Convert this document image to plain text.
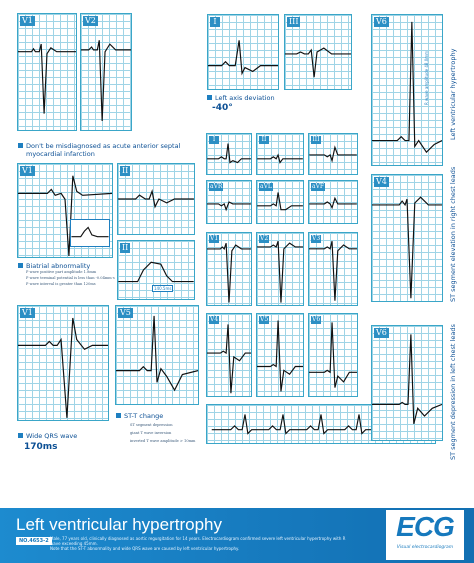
V1	V2
Don't be misdiagnosed as acute anterior septal
myocardial infarction
I	III
Left axis deviation
-40°
V6
R wave amplitude 48.0mm	Left ventricular hypertrophy
V1	II
II
140.5ms
Biatrial abnormality
P wave positive part amplitude 1.8mm
P wave terminal potential is less than -0.04mm·s
P wave interval is greater than 120ms
V4	ST segment elevation in right chest leads
I	II	III
aVR	aVL	aVF
V1	V2	V3
V4	V5	V6
V1	V5
Wide QRS wave
170ms
ST-T change
ST segment depression
giant T wave inversion
inverted T wave amplitude > 10mm
V6	ST segment depression in left chest leads
Left ventricular hypertrophy
NO.4653-2 Male, 77 years old, clinically diagnosed as aortic regurgitation for 14 years. Electrocardiogram confirmed severe left ventricular hypertrophy with R wave exceeding 45mm.
Note that the ST-T abnormality and wide QRS wave are caused by left ventricular hypertrophy.
ECG
Visual electrocardiogram
